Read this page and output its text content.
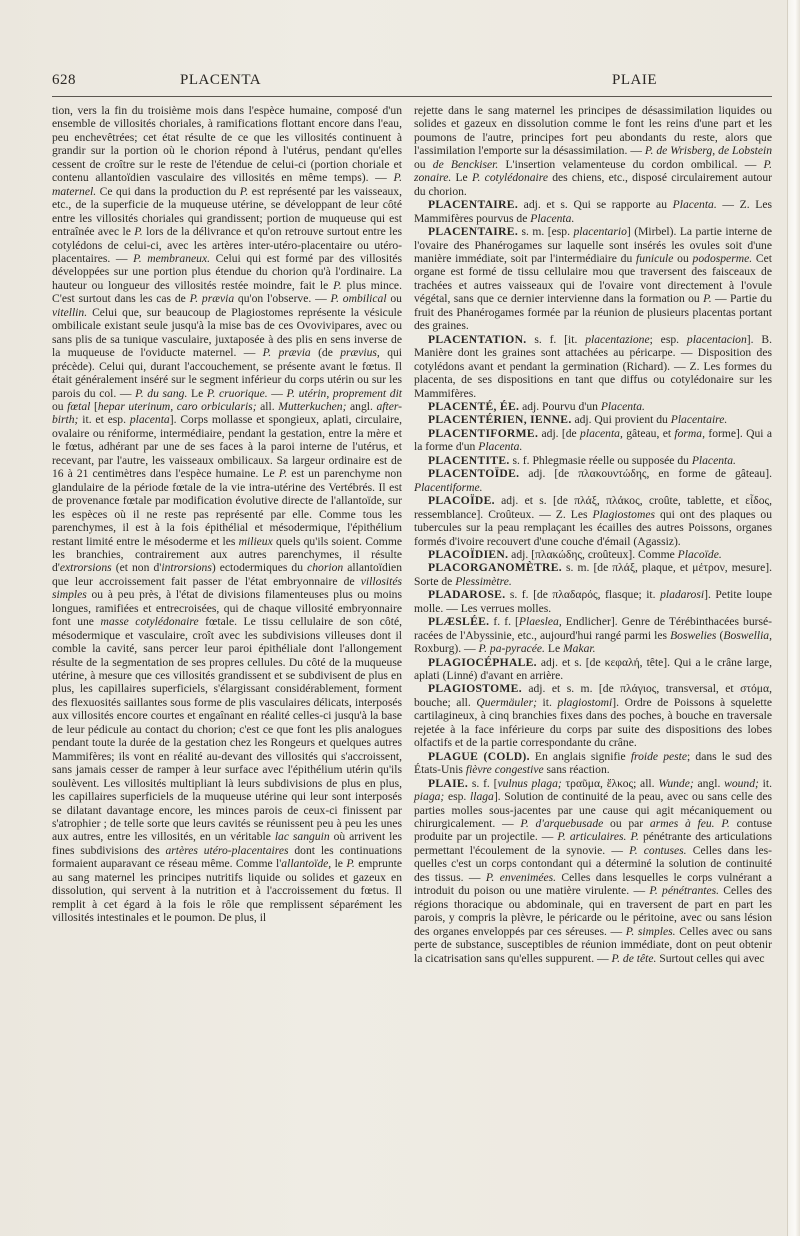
628	PLACENTA	PLAIE

tion, vers la fin du troisième mois dans l'espèce humaine, composé d'un ensemble de villosités choriales, à ramifications flottant encore dans l'eau, peu enchevêtrées; cet état résulte de ce que les villosités continuent à grandir sur la portion où le chorion répond à l'utérus, pendant qu'elles cessent de croître sur le reste de l'étendue de celui-ci (portion choriale et contenu allantoïdien vasculaire des villosités en même temps). — P. maternel. Ce qui dans la production du P. est représenté par les vaisseaux, etc., de la superficie de la muqueuse utérine, se développant de leur côté entre les villosités choriales qui grandissent; portion de muqueuse qui est entraînée avec le P. lors de la délivrance et qu'on retrouve surtout entre les cotylédons de celui-ci, avec les artères inter-utéro-placentaire ou utéro-placentaires. — P. membraneux. Celui qui est formé par des villosités développées sur une portion plus étendue du chorion qu'à l'ordinaire. La hauteur ou longueur des villosités restée moindre, fait le P. plus mince. C'est surtout dans les cas de P. prævia qu'on l'observe. — P. ombilical ou vitellin. Celui que, sur beaucoup de Plagiostomes représente la vésicule ombilicale existant seule jusqu'à la mise bas de ces Ovovivipares, avec ou sans plis de sa tunique vasculaire, juxtaposée à des plis en sens inverse de la muqueuse de l'oviducte maternel. — P. prævia (de prævius, qui précède). Celui qui, durant l'accouchement, se présente avant le fœtus. Il était généralement inséré sur le segment inférieur du corps utérin ou sur les parois du col. — P. du sang. Le P. cruorique. — P. utérin, proprement dit ou fœtal [hepar uterinum, caro orbicularis; all. Mutterkuchen; angl. after-birth; it. et esp. placenta]. Corps mollasse et spongieux, aplati, circulaire, ovalaire ou réniforme, intermédiaire, pendant la gestation, entre la mère et le fœtus, adhérant par une de ses faces à la paroi interne de l'utérus, et recevant, par l'autre, les vaisseaux ombilicaux. Sa largeur ordinaire est de 16 à 21 centimètres dans l'espèce humaine. Le P. est un parenchyme non glandulaire de la période fœtale de la vie intra-utérine des Vertébrés. Il est de provenance fœtale par modification évolutive directe de l'allantoïde, sur les espèces où il ne reste pas représenté par elle. Comme tous les parenchymes, il est à la fois épithélial et mésodermique, l'épithélium restant limité entre le mésoderme et les milieux quels qu'ils soient. Comme les branchies, contrairement aux autres parenchymes, il résulte d'extrorsions (et non d'introrsions) ectodermiques du chorion allantoïdien que leur accroissement fait passer de l'état embryonnaire de villosités simples ou à peu près, à l'état de divisions filamenteuses plus ou moins longues, ramifiées et entrecroisées, qui de chaque villosité embryonnaire font une masse cotylédonaire fœtale. Le tissu cellulaire de son côté, mésodermique et vasculaire, croît avec les subdivisions villeuses dont il comble la cavité, sans percer leur paroi épithéliale dont l'allongement résulte de la segmentation de ses propres cellules. Du côté de la muqueuse utérine, à mesure que ces villosités grandissent et se subdivisent de plus en plus, les capillaires superficiels, s'élargissant considérablement, forment des flexuosités saillantes sous forme de plis vasculaires délicats, interposés aux villosités encore courtes et engaînant en réalité celles-ci jusqu'à la base de leur pédicule au contact du chorion; c'est ce que font les plis analogues pendant toute la durée de la gestation chez les Rongeurs et quelques autres Mammifères; ils vont en réalité au-devant des villosités qui s'accroissent, sans jamais cesser de ramper à leur surface avec l'épithélium utérin qu'ils soulèvent. Les villosités multipliant là leurs subdivisions de plus en plus, les capillaires superficiels de la muqueuse utérine qui leur sont interposés se dilatant davantage encore, les minces parois de ceux-ci finissent par s'atrophier ; de telle sorte que leurs cavités se réunissent peu à peu les unes aux autres, entre les villosités, en un véritable lac sanguin où arrivent les fines subdivisions des artères utéro-placentaires dont les continuations formaient auparavant ce réseau même. Comme l'allantoïde, le P. emprunte au sang maternel les principes nutritifs liquide ou solides et gazeux en dissolution, qui servent à la nutrition et à l'accroissement du fœtus. Il remplit à cet égard à la fois le rôle que remplissent séparément les villosités intestinales et le poumon. De plus, il

rejette dans le sang maternel les principes de désassimilation liquides ou solides et gazeux en dissolution comme le font les reins d'une part et les poumons de l'autre, principes fort peu abondants du reste, alors que l'assimilation l'emporte sur la désassimilation. — P. de Wrisberg, de Lobstein ou de Benckiser. L'insertion velamenteuse du cordon ombilical. — P. zonaire. Le P. cotylédonaire des chiens, etc., disposé circulairement autour du chorion.

PLACENTAIRE. adj. et s. Qui se rapporte au Placenta. — Z. Les Mammifères pourvus de Placenta.

PLACENTAIRE. s. m. [esp. placentario] (Mirbel). La partie interne de l'ovaire des Phanérogames sur laquelle sont insérés les ovules soit d'une manière immédiate, soit par l'intermédiaire du funicule ou podosperme. Cet organe est formé de tissu cellulaire mou que traversent des faisceaux de trachées et autres vaisseaux qui de l'ovaire vont directement à l'ovule végétal, sans que ce dernier intervienne dans la formation ou P. — Partie du fruit des Phanérogames formée par la réunion de plusieurs placentas portant des graines.

PLACENTATION. s. f. [it. placentazione; esp. placentacion]. B. Manière dont les graines sont attachées au péricarpe. — Disposition des cotylédons avant et pendant la germination (Richard). — Z. Les formes du placenta, de ses dispositions en tant que diffus ou cotylédonaire sur les Mammifères.

PLACENTÉ, ÉE. adj. Pourvu d'un Placenta.

PLACENTÉRIEN, IENNE. adj. Qui provient du Placentaire.

PLACENTIFORME. adj. [de placenta, gâteau, et forma, forme]. Qui a la forme d'un Placenta.

PLACENTITE. s. f. Phlegmasie réelle ou supposée du Placenta.

PLACENTOÏDE. adj. [de πλακουντώδης, en forme de gâteau]. Placentiforme.

PLACOÏDE. adj. et s. [de πλάξ, πλάκος, croûte, tablette, et εἶδος, ressemblance]. Croûteux. — Z. Les Plagiostomes qui ont des plaques ou tubercules sur la peau remplaçant les écailles des autres Poissons, organes formés d'ivoire recouvert d'une couche d'émail (Agassiz).

PLACOÏDIEN. adj. [πλακώδης, croûteux]. Comme Placoïde.

PLACORGANOMÈTRE. s. m. [de πλάξ, plaque, et μέτρον, mesure]. Sorte de Plessimètre.

PLADAROSE. s. f. [de πλαδαρός, flasque; it. pladarosi]. Petite loupe molle. — Les verrues molles.

PLÆSLÉE. f. f. [Plaeslea, Endlicher]. Genre de Térébinthacées bursé-racées de l'Abyssinie, etc., aujourd'hui rangé parmi les Boswelies (Boswellia, Roxburg). — P. pa-pyracée. Le Makar.

PLAGIOCÉPHALE. adj. et s. [de κεφαλή, tête]. Qui a le crâne large, aplati (Linné) d'avant en arrière.

PLAGIOSTOME. adj. et s. m. [de πλάγιος, transversal, et στόμα, bouche; all. Quermäuler; it. plagiostomi]. Ordre de Poissons à squelette cartilagineux, à cinq branchies fixes dans des poches, à bouche en traversale rejetée à la face inférieure du corps par suite des dispositions des lobes olfactifs et de la partie correspondante du crâne.

PLAGUE (COLD). En anglais signifie froide peste; dans le sud des États-Unis fièvre congestive sans réaction.

PLAIE. s. f. [vulnus plaga; τραῦμα, ἕλκος; all. Wunde; angl. wound; it. piaga; esp. llaga]. Solution de continuité de la peau, avec ou sans celle des parties molles sous-jacentes par une cause qui agit mécaniquement ou chirurgicalement. — P. d'arquebusade ou par armes à feu. P. contuse produite par un projectile. — P. articulaires. P. pénétrante des articulations permettant l'écoulement de la synovie. — P. contuses. Celles dans les-quelles c'est un corps contondant qui a déterminé la solution de continuité des tissus. — P. envenimées. Celles dans lesquelles le corps vulnérant a introduit du poison ou une matière virulente. — P. pénétrantes. Celles des régions thoracique ou abdominale, qui en traversent de part en part les parois, y compris la plèvre, le péricarde ou le péritoine, avec ou sans lésion des organes enveloppés par ces séreuses. — P. simples. Celles avec ou sans perte de substance, susceptibles de réunion immédiate, dont on peut obtenir la cicatrisation sans qu'elles suppurent. — P. de tête. Surtout celles qui avec
